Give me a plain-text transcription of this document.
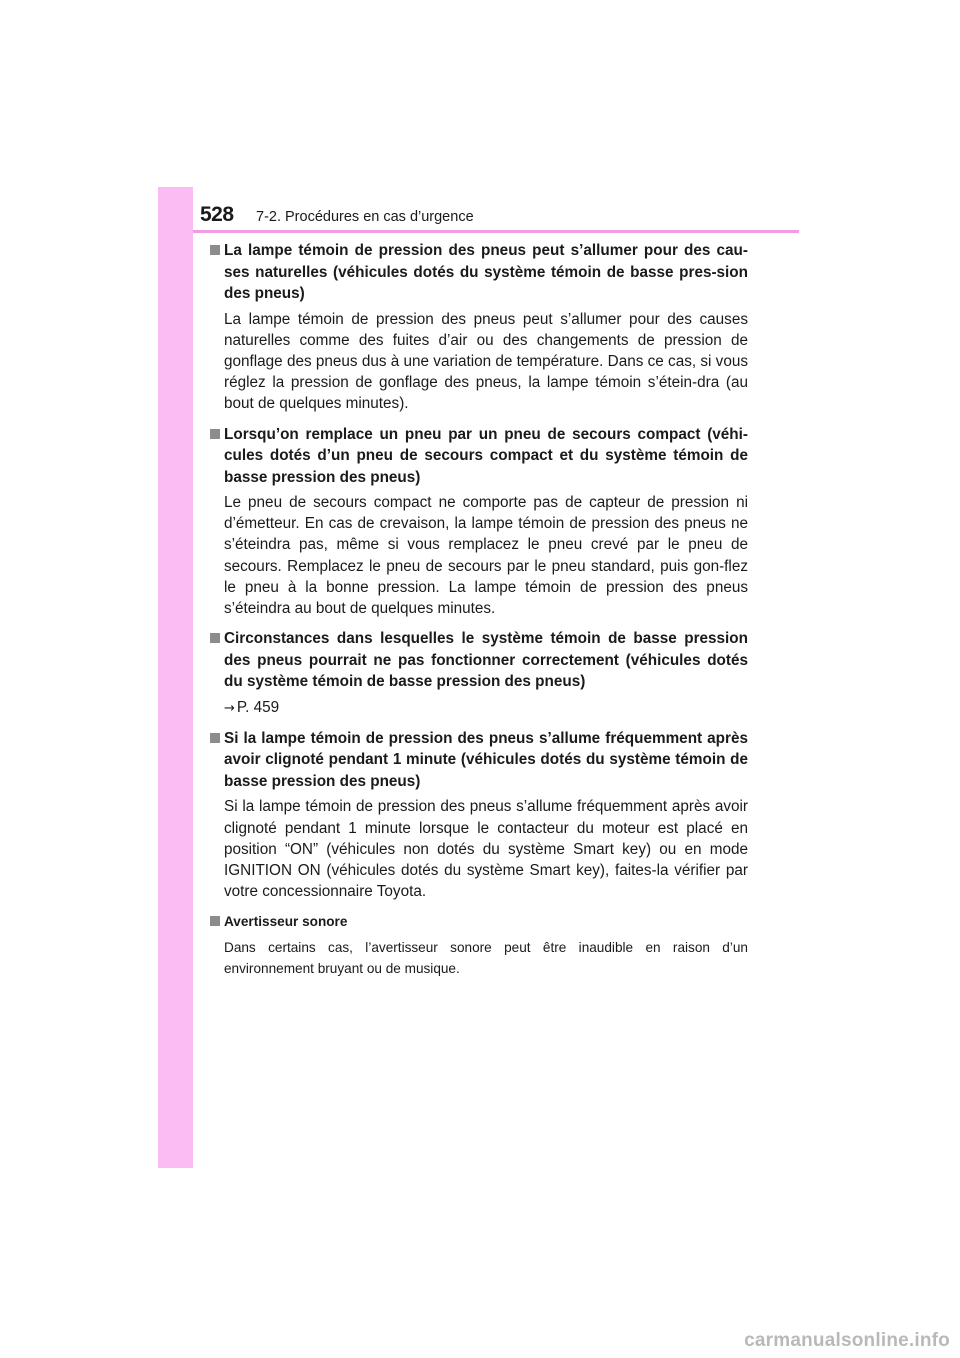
528 7-2. Procédures en cas d’urgence
La lampe témoin de pression des pneus peut s’allumer pour des cau-ses naturelles (véhicules dotés du système témoin de basse pres-sion des pneus)
La lampe témoin de pression des pneus peut s’allumer pour des causes naturelles comme des fuites d’air ou des changements de pression de gonflage des pneus dus à une variation de température. Dans ce cas, si vous réglez la pression de gonflage des pneus, la lampe témoin s’étein-dra (au bout de quelques minutes).
Lorsqu’on remplace un pneu par un pneu de secours compact (véhi-cules dotés d’un pneu de secours compact et du système témoin de basse pression des pneus)
Le pneu de secours compact ne comporte pas de capteur de pression ni d’émetteur. En cas de crevaison, la lampe témoin de pression des pneus ne s’éteindra pas, même si vous remplacez le pneu crevé par le pneu de secours. Remplacez le pneu de secours par le pneu standard, puis gon-flez le pneu à la bonne pression. La lampe témoin de pression des pneus s’éteindra au bout de quelques minutes.
Circonstances dans lesquelles le système témoin de basse pression des pneus pourrait ne pas fonctionner correctement (véhicules dotés du système témoin de basse pression des pneus)
→ P. 459
Si la lampe témoin de pression des pneus s’allume fréquemment après avoir clignoté pendant 1 minute (véhicules dotés du système témoin de basse pression des pneus)
Si la lampe témoin de pression des pneus s’allume fréquemment après avoir clignoté pendant 1 minute lorsque le contacteur du moteur est placé en position “ON” (véhicules non dotés du système Smart key) ou en mode IGNITION ON (véhicules dotés du système Smart key), faites-la vérifier par votre concessionnaire Toyota.
Avertisseur sonore
Dans certains cas, l’avertisseur sonore peut être inaudible en raison d’un environnement bruyant ou de musique.
carmanualsonline.info
